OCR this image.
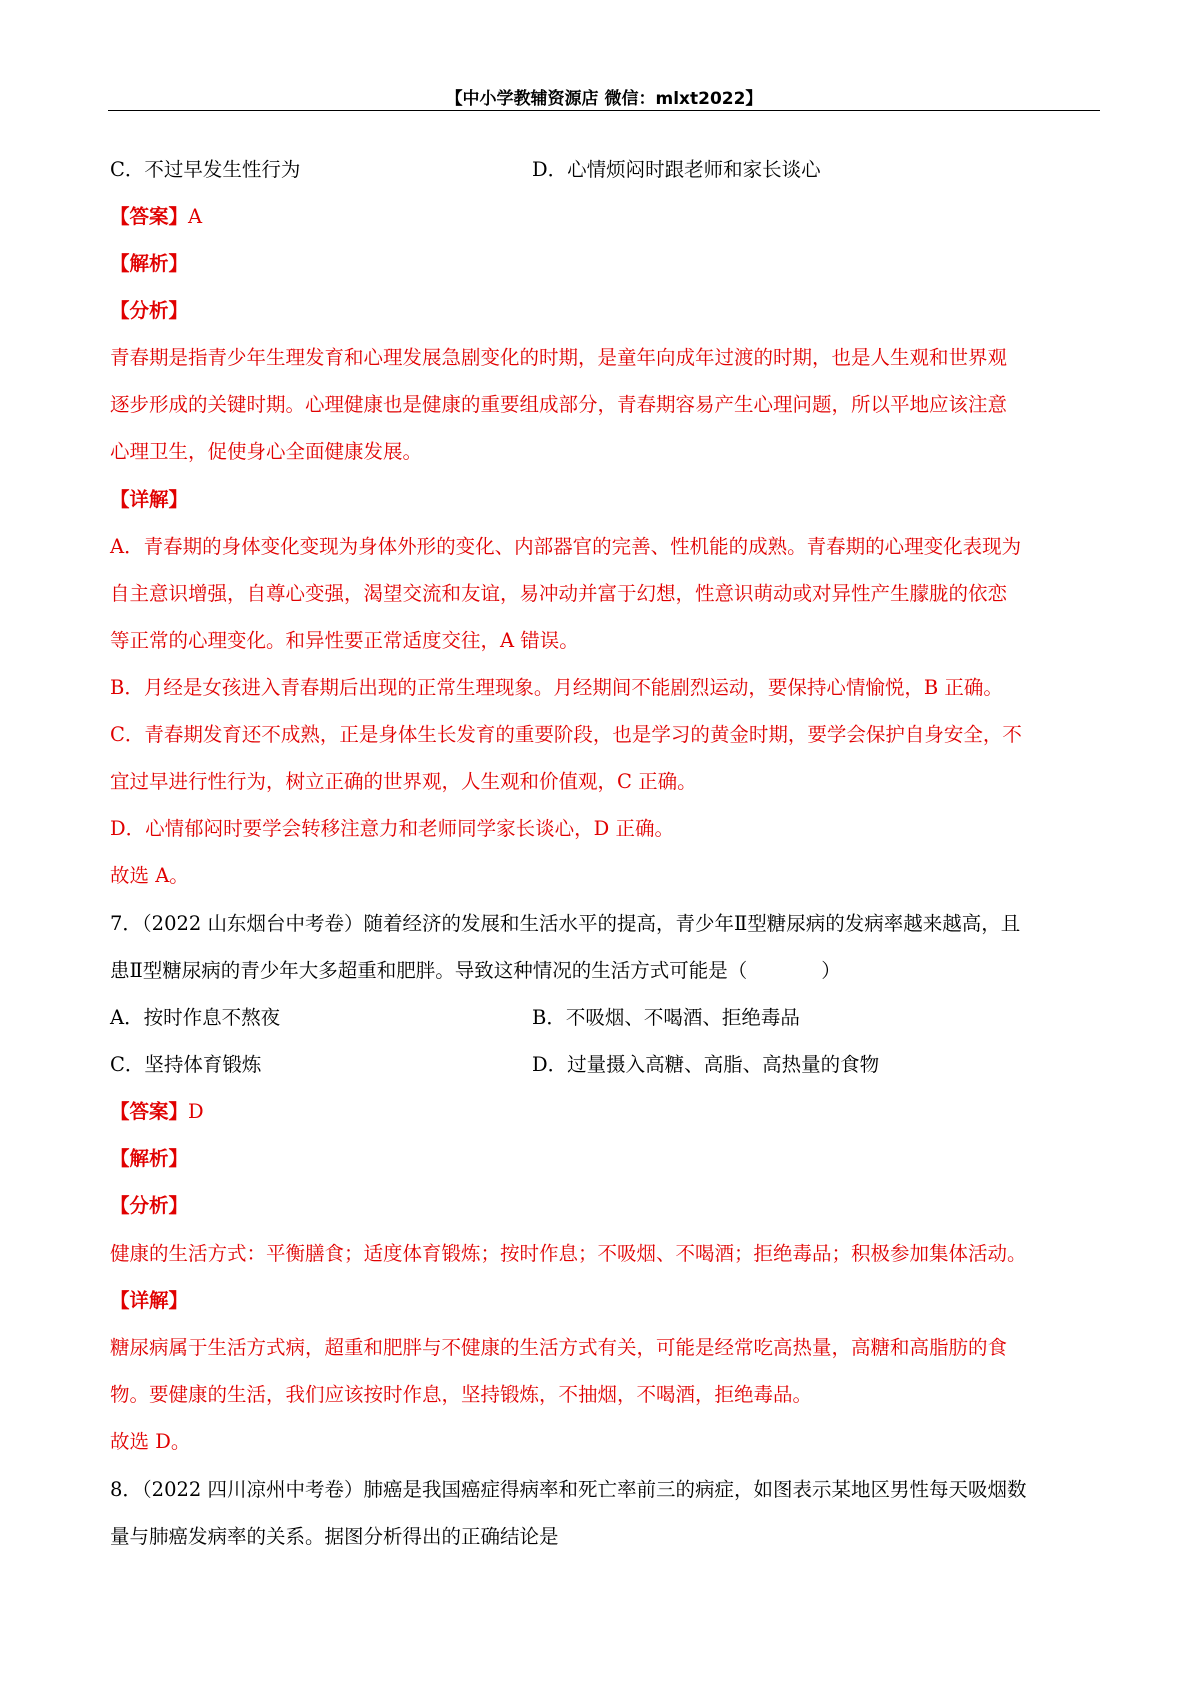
【中小学教辅资源店 微信：mlxt2022】
C．不过早发生性行为	D．心情烦闷时跟老师和家长谈心
【答案】A
【解析】
【分析】
青春期是指青少年生理发育和心理发展急剧变化的时期，是童年向成年过渡的时期，也是人生观和世界观
逐步形成的关键时期。心理健康也是健康的重要组成部分，青春期容易产生心理问题，所以平地应该注意
心理卫生，促使身心全面健康发展。
【详解】
A．青春期的身体变化变现为身体外形的变化、内部器官的完善、性机能的成熟。青春期的心理变化表现为
自主意识增强，自尊心变强，渴望交流和友谊，易冲动并富于幻想，性意识萌动或对异性产生朦胧的依恋
等正常的心理变化。和异性要正常适度交往，A 错误。
B．月经是女孩进入青春期后出现的正常生理现象。月经期间不能剧烈运动，要保持心情愉悦，B 正确。
C．青春期发育还不成熟，正是身体生长发育的重要阶段，也是学习的黄金时期，要学会保护自身安全，不
宜过早进行性行为，树立正确的世界观，人生观和价值观，C 正确。
D．心情郁闷时要学会转移注意力和老师同学家长谈心，D 正确。
故选 A。
7．（2022 山东烟台中考卷）随着经济的发展和生活水平的提高，青少年Ⅱ型糖尿病的发病率越来越高，且
患Ⅱ型糖尿病的青少年大多超重和肥胖。导致这种情况的生活方式可能是（	）
A．按时作息不熬夜	B．不吸烟、不喝酒、拒绝毒品
C．坚持体育锻炼	D．过量摄入高糖、高脂、高热量的食物
【答案】D
【解析】
【分析】
健康的生活方式：平衡膳食；适度体育锻炼；按时作息；不吸烟、不喝酒；拒绝毒品；积极参加集体活动。
【详解】
糖尿病属于生活方式病，超重和肥胖与不健康的生活方式有关，可能是经常吃高热量，高糖和高脂肪的食
物。要健康的生活，我们应该按时作息，坚持锻炼，不抽烟，不喝酒，拒绝毒品。
故选 D。
8．（2022 四川凉州中考卷）肺癌是我国癌症得病率和死亡率前三的病症，如图表示某地区男性每天吸烟数
量与肺癌发病率的关系。据图分析得出的正确结论是
